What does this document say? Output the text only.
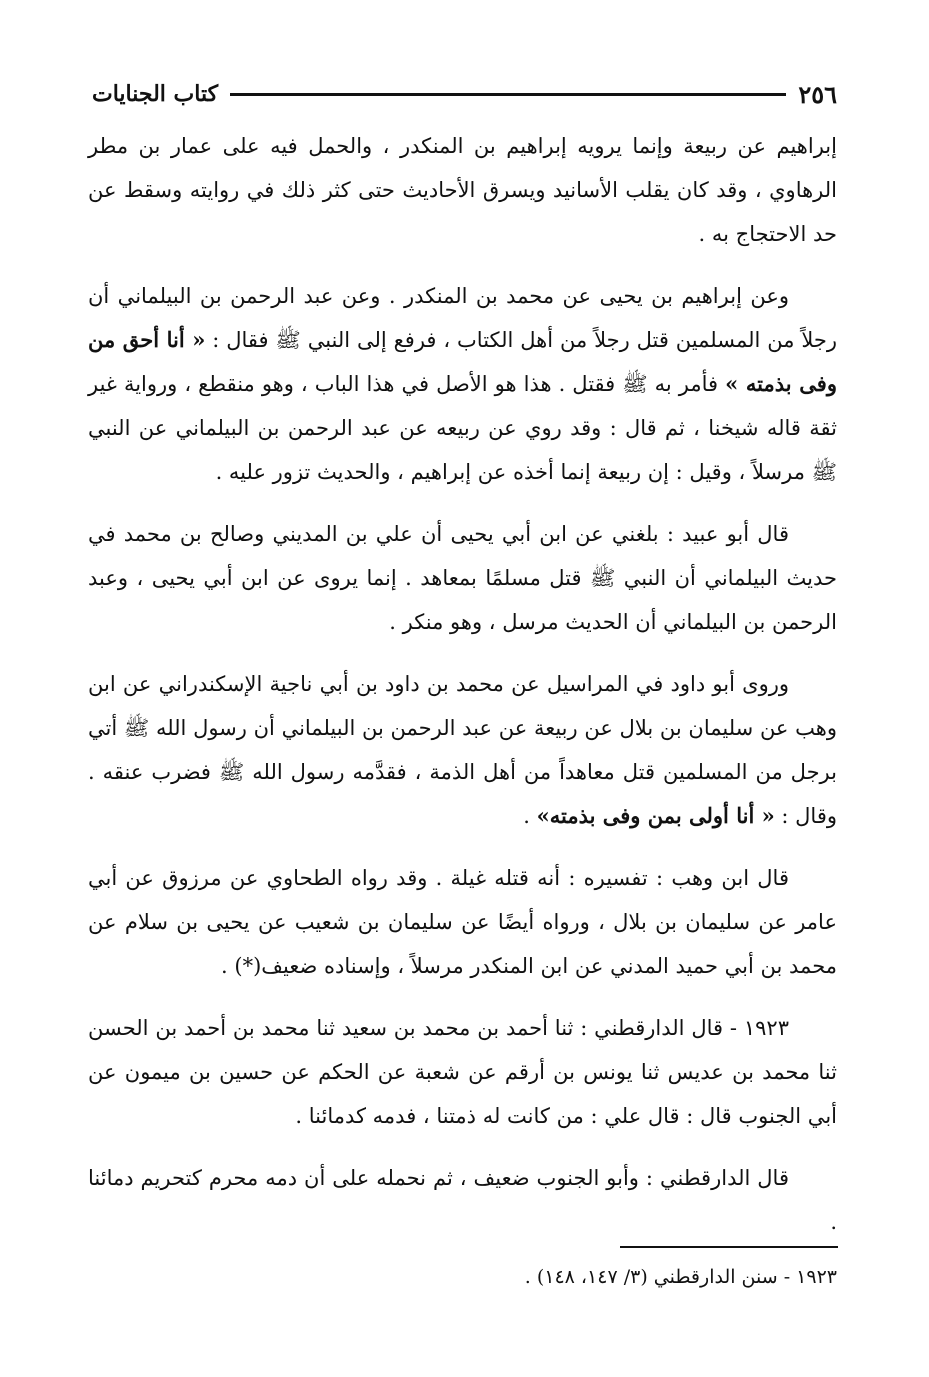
٢٥٦
كتاب الجنايات

إبراهيم عن ربيعة وإنما يرويه إبراهيم بن المنكدر ، والحمل فيه على عمار بن مطر الرهاوي ، وقد كان يقلب الأسانيد ويسرق الأحاديث حتى كثر ذلك في روايته وسقط عن حد الاحتجاج به .

وعن إبراهيم بن يحيى عن محمد بن المنكدر . وعن عبد الرحمن بن البيلماني أن رجلاً من المسلمين قتل رجلاً من أهل الكتاب ، فرفع إلى النبي ﷺ فقال : « أنا أحق من وفى بذمته » فأمر به ﷺ فقتل . هذا هو الأصل في هذا الباب ، وهو منقطع ، ورواية غير ثقة قاله شيخنا ، ثم قال : وقد روي عن ربيعه عن عبد الرحمن بن البيلماني عن النبي ﷺ مرسلاً ، وقيل : إن ربيعة إنما أخذه عن إبراهيم ، والحديث تزور عليه .

قال أبو عبيد : بلغني عن ابن أبي يحيى أن علي بن المديني وصالح بن محمد في حديث البيلماني أن النبي ﷺ قتل مسلمًا بمعاهد . إنما يروى عن ابن أبي يحيى ، وعبد الرحمن بن البيلماني أن الحديث مرسل ، وهو منكر .

وروى أبو داود في المراسيل عن محمد بن داود بن أبي ناجية الإسكندراني عن ابن وهب عن سليمان بن بلال عن ربيعة عن عبد الرحمن بن البيلماني أن رسول الله ﷺ أتي برجل من المسلمين قتل معاهداً من أهل الذمة ، فقدَّمه رسول الله ﷺ فضرب عنقه . وقال : « أنا أولى بمن وفى بذمته» .

قال ابن وهب : تفسيره : أنه قتله غيلة . وقد رواه الطحاوي عن مرزوق عن أبي عامر عن سليمان بن بلال ، ورواه أيضًا عن سليمان بن شعيب عن يحيى بن سلام عن محمد بن أبي حميد المدني عن ابن المنكدر مرسلاً ، وإسناده ضعيف(*) .

١٩٢٣ - قال الدارقطني : ثنا أحمد بن محمد بن سعيد ثنا محمد بن أحمد بن الحسن ثنا محمد بن عديس ثنا يونس بن أرقم عن شعبة عن الحكم عن حسين بن ميمون عن أبي الجنوب قال : قال علي : من كانت له ذمتنا ، فدمه كدمائنا .

قال الدارقطني : وأبو الجنوب ضعيف ، ثم نحمله على أن دمه محرم كتحريم دمائنا .

١٩٢٣ - سنن الدارقطني (٣/ ١٤٧، ١٤٨) .
